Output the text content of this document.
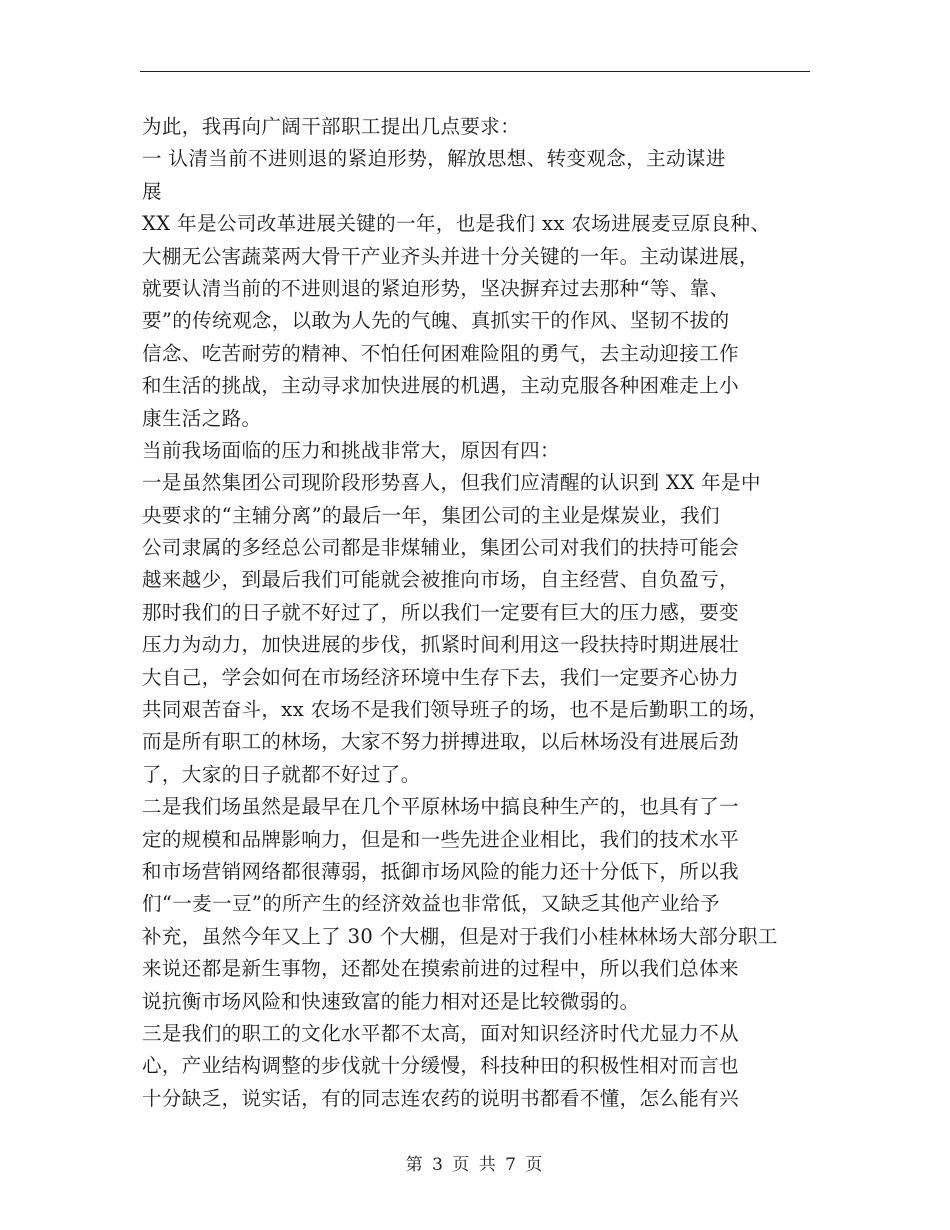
为此，我再向广阔干部职工提出几点要求：
一 认清当前不进则退的紧迫形势，解放思想、转变观念，主动谋进
展
XX 年是公司改革进展关键的一年，也是我们 xx 农场进展麦豆原良种、
大棚无公害蔬菜两大骨干产业齐头并进十分关键的一年。主动谋进展，
就要认清当前的不进则退的紧迫形势，坚决摒弃过去那种“等、靠、
要”的传统观念，以敢为人先的气魄、真抓实干的作风、坚韧不拔的
信念、吃苦耐劳的精神、不怕任何困难险阻的勇气，去主动迎接工作
和生活的挑战，主动寻求加快进展的机遇，主动克服各种困难走上小
康生活之路。
当前我场面临的压力和挑战非常大，原因有四：
一是虽然集团公司现阶段形势喜人，但我们应清醒的认识到 XX 年是中
央要求的“主辅分离”的最后一年，集团公司的主业是煤炭业，我们
公司隶属的多经总公司都是非煤辅业，集团公司对我们的扶持可能会
越来越少，到最后我们可能就会被推向市场，自主经营、自负盈亏，
那时我们的日子就不好过了，所以我们一定要有巨大的压力感，要变
压力为动力，加快进展的步伐，抓紧时间利用这一段扶持时期进展壮
大自己，学会如何在市场经济环境中生存下去，我们一定要齐心协力
共同艰苦奋斗，xx 农场不是我们领导班子的场，也不是后勤职工的场，
而是所有职工的林场，大家不努力拼搏进取，以后林场没有进展后劲
了，大家的日子就都不好过了。
二是我们场虽然是最早在几个平原林场中搞良种生产的，也具有了一
定的规模和品牌影响力，但是和一些先进企业相比，我们的技术水平
和市场营销网络都很薄弱，抵御市场风险的能力还十分低下，所以我
们“一麦一豆”的所产生的经济效益也非常低，又缺乏其他产业给予
补充，虽然今年又上了 30 个大棚，但是对于我们小桂林林场大部分职工
来说还都是新生事物，还都处在摸索前进的过程中，所以我们总体来
说抗衡市场风险和快速致富的能力相对还是比较微弱的。
三是我们的职工的文化水平都不太高，面对知识经济时代尤显力不从
心，产业结构调整的步伐就十分缓慢，科技种田的积极性相对而言也
十分缺乏，说实话，有的同志连农药的说明书都看不懂，怎么能有兴
第 3 页 共 7 页
